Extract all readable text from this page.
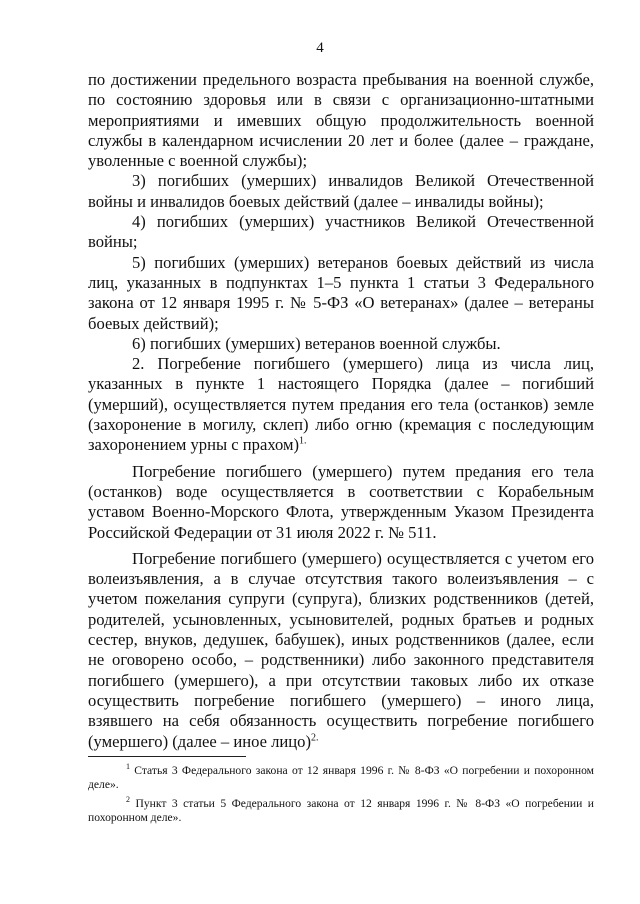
4

по достижении предельного возраста пребывания на военной службе, по состоянию здоровья или в связи с организационно-штатными мероприятиями и имевших общую продолжительность военной службы в календарном исчислении 20 лет и более (далее – граждане, уволенные с военной службы);

3) погибших (умерших) инвалидов Великой Отечественной войны и инвалидов боевых действий (далее – инвалиды войны);

4) погибших (умерших) участников Великой Отечественной войны;

5) погибших (умерших) ветеранов боевых действий из числа лиц, указанных в подпунктах 1–5 пункта 1 статьи 3 Федерального закона от 12 января 1995 г. № 5-ФЗ «О ветеранах» (далее – ветераны боевых действий);

6) погибших (умерших) ветеранов военной службы.

2. Погребение погибшего (умершего) лица из числа лиц, указанных в пункте 1 настоящего Порядка (далее – погибший (умерший), осуществляется путем предания его тела (останков) земле (захоронение в могилу, склеп) либо огню (кремация с последующим захоронением урны с прахом)$^{1.}$

Погребение погибшего (умершего) путем предания его тела (останков) воде осуществляется в соответствии с Корабельным уставом Военно-Морского Флота, утвержденным Указом Президента Российской Федерации от 31 июля 2022 г. № 511.

Погребение погибшего (умершего) осуществляется с учетом его волеизъявления, а в случае отсутствия такого волеизъявления – с учетом пожелания супруги (супруга), близких родственников (детей, родителей, усыновленных, усыновителей, родных братьев и родных сестер, внуков, дедушек, бабушек), иных родственников (далее, если не оговорено особо, – родственники) либо законного представителя погибшего (умершего), а при отсутствии таковых либо их отказе осуществить погребение погибшего (умершего) – иного лица, взявшего на себя обязанность осуществить погребение погибшего (умершего) (далее – иное лицо)$^{2.}$

$^1$ Статья 3 Федерального закона от 12 января 1996 г. № 8-ФЗ «О погребении и похоронном деле».

$^2$ Пункт 3 статьи 5 Федерального закона от 12 января 1996 г. № 8-ФЗ «О погребении и похоронном деле».
